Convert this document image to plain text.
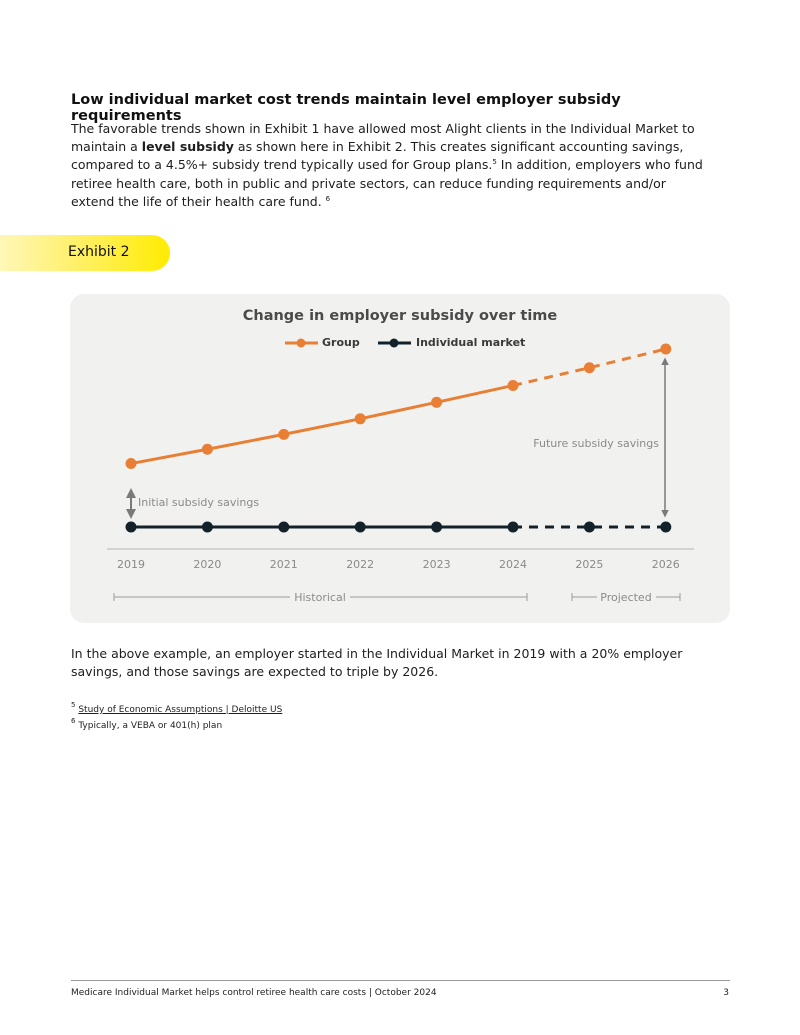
Low individual market cost trends maintain level employer subsidy requirements

The favorable trends shown in Exhibit 1 have allowed most Alight clients in the Individual Market to maintain a level subsidy as shown here in Exhibit 2. This creates significant accounting savings, compared to a 4.5%+ subsidy trend typically used for Group plans.$^5$ In addition, employers who fund retiree health care, both in public and private sectors, can reduce funding requirements and/or extend the life of their health care fund. $^6$

Exhibit 2
Change in employer subsidy over time
Group	Individual market
2019	2020	2021	2022	2023	2024	2025	2026
Initial subsidy savings
Future subsidy savings
Historical	Projected

In the above example, an employer started in the Individual Market in 2019 with a 20% employer savings, and those savings are expected to triple by 2026.

$^5$ Study of Economic Assumptions | Deloitte US
$^6$ Typically, a VEBA or 401(h) plan
Medicare Individual Market helps control retiree health care costs | October 2024	3
